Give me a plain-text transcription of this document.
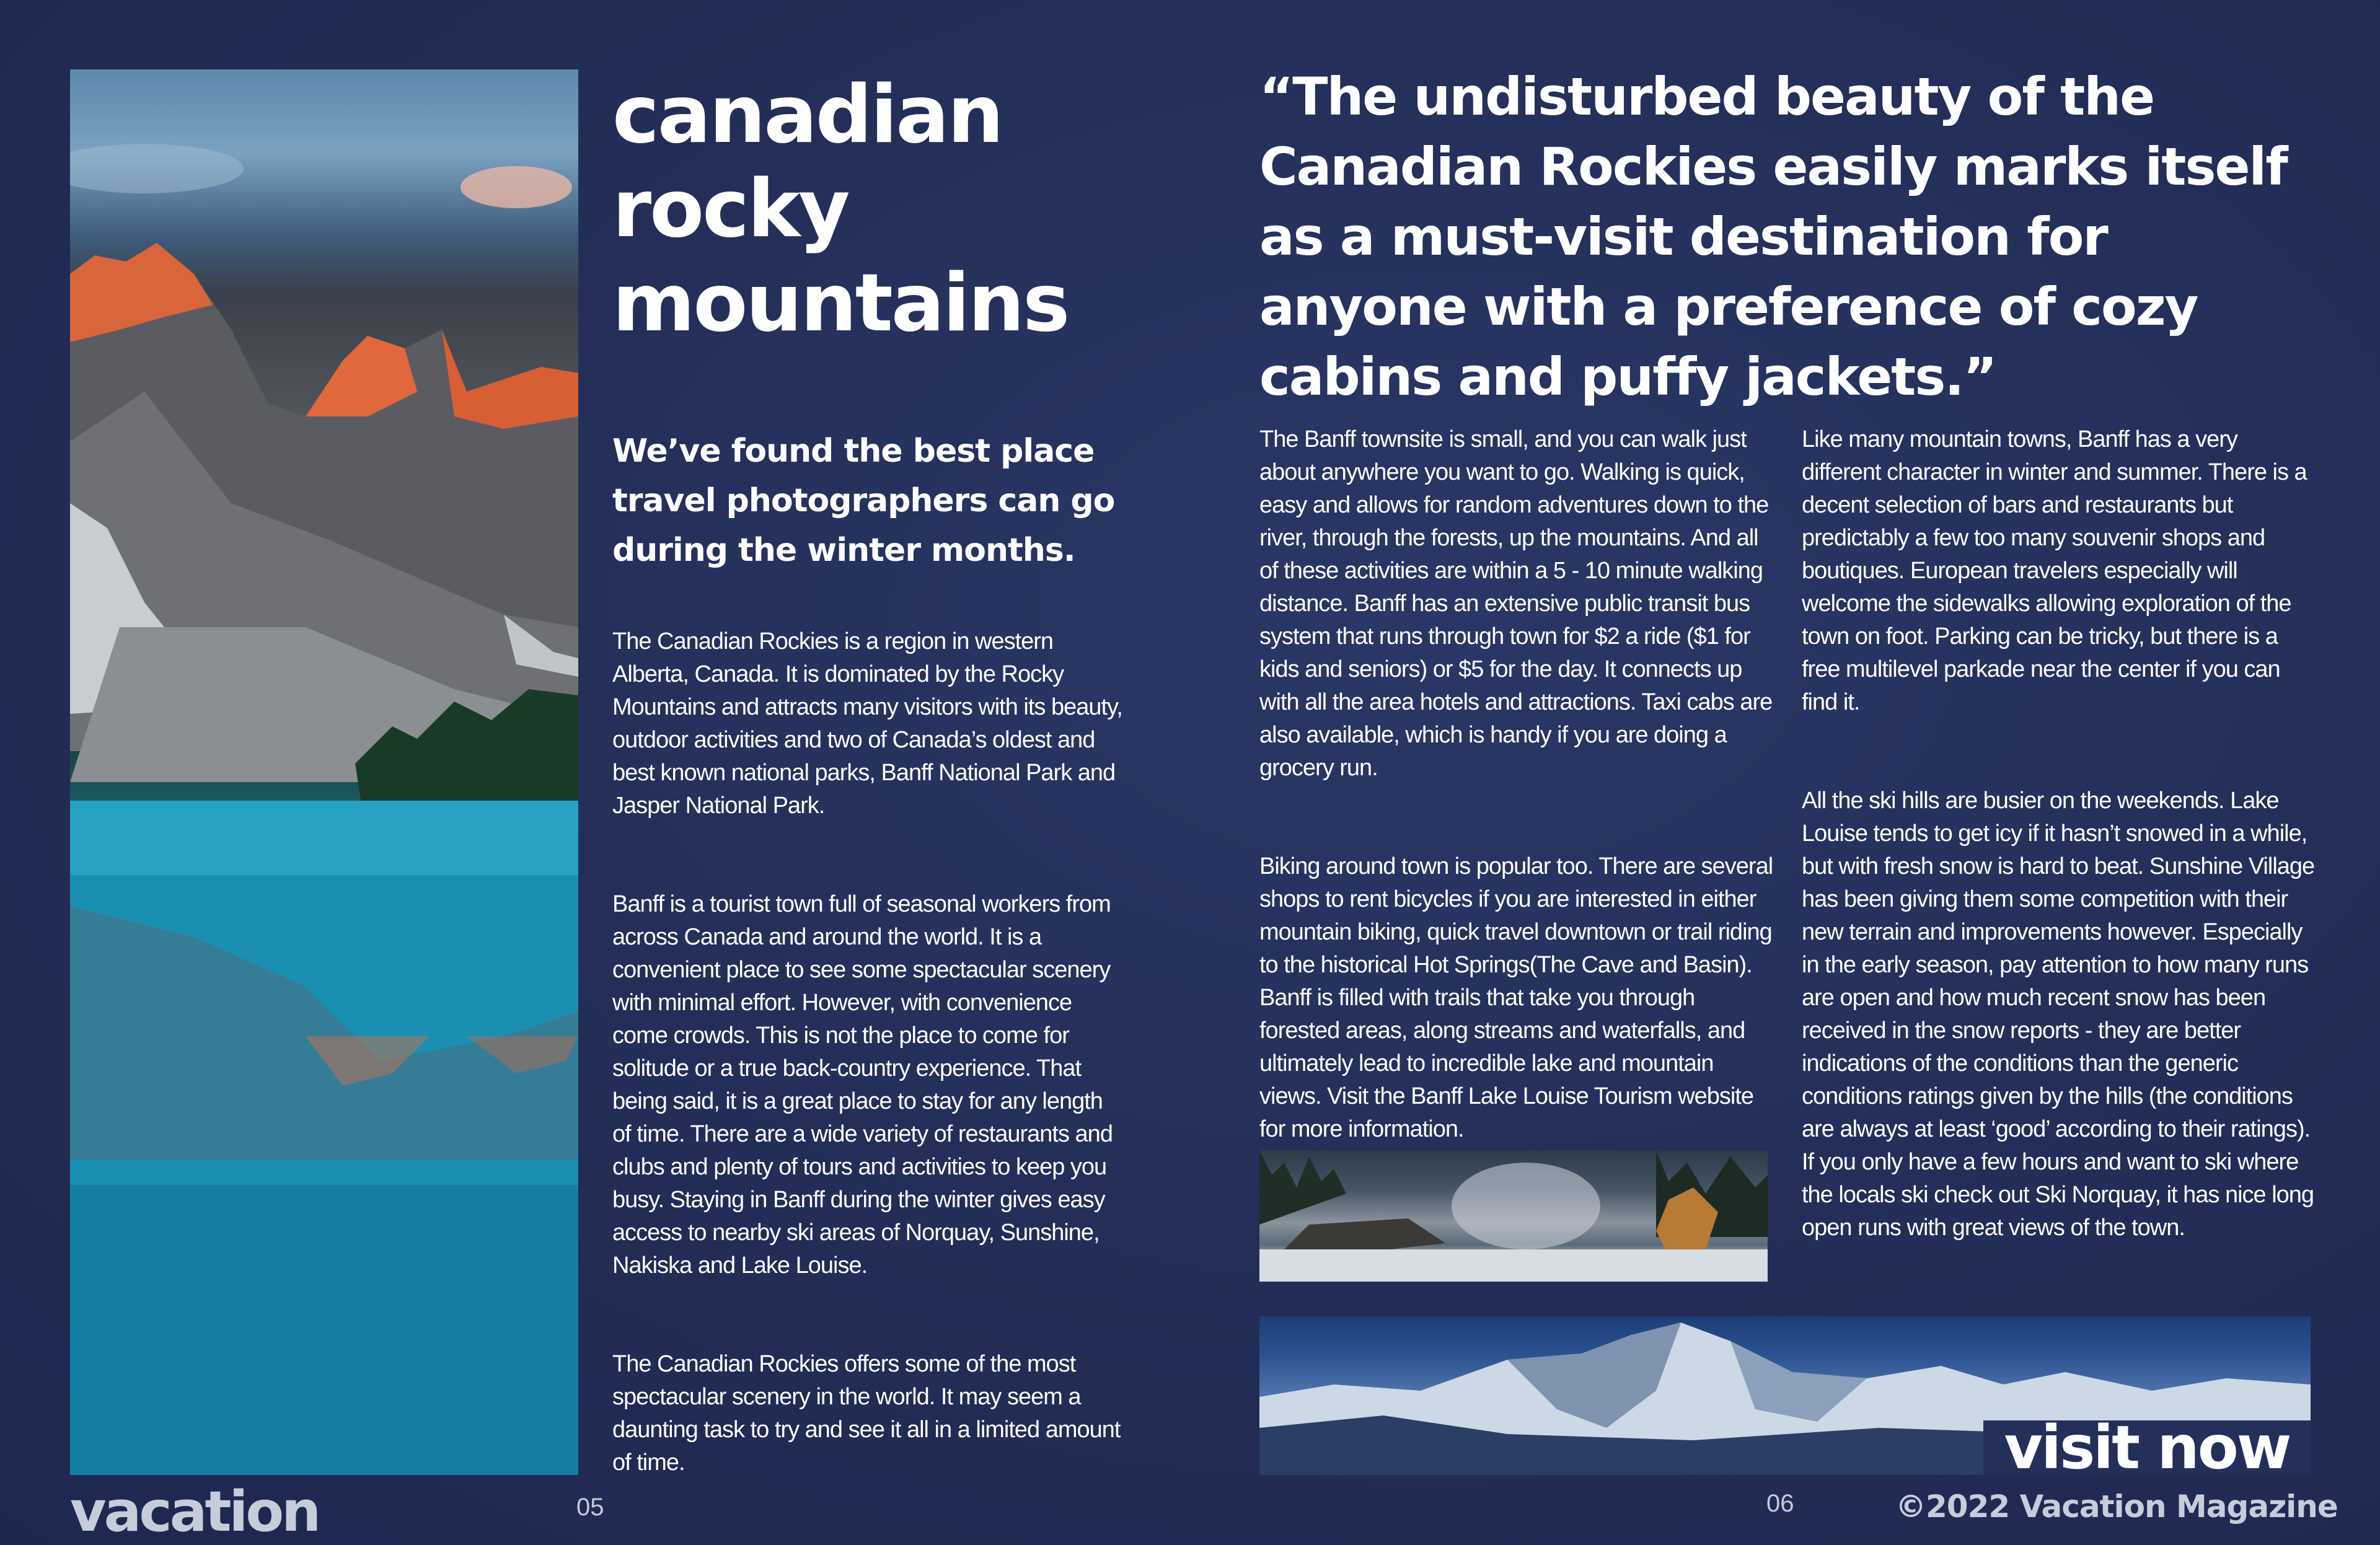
canadian
rocky
mountains
We’ve found the best place travel photographers can go during the winter months.

The Canadian Rockies is a region in western Alberta, Canada. It is dominated by the Rocky Mountains and attracts many visitors with its beauty, outdoor activities and two of Canada’s oldest and best known national parks, Banff National Park and Jasper National Park.

Banff is a tourist town full of seasonal workers from across Canada and around the world. It is a convenient place to see some spectacular scenery with minimal effort. However, with convenience come crowds. This is not the place to come for solitude or a true back-country experience. That being said, it is a great place to stay for any length of time. There are a wide variety of restaurants and clubs and plenty of tours and activities to keep you busy. Staying in Banff during the winter gives easy access to nearby ski areas of Norquay, Sunshine, Nakiska and Lake Louise.

The Canadian Rockies offers some of the most spectacular scenery in the world. It may seem a daunting task to try and see it all in a limited amount of time.

“The undisturbed beauty of the Canadian Rockies easily marks itself as a must-visit destination for anyone with a preference of cozy cabins and puffy jackets.”

The Banff townsite is small, and you can walk just about anywhere you want to go. Walking is quick, easy and allows for random adventures down to the river, through the forests, up the mountains. And all of these activities are within a 5 - 10 minute walking distance. Banff has an extensive public transit bus system that runs through town for $2 a ride ($1 for kids and seniors) or $5 for the day. It connects up with all the area hotels and attractions. Taxi cabs are also available, which is handy if you are doing a grocery run.

Biking around town is popular too. There are several shops to rent bicycles if you are interested in either mountain biking, quick travel downtown or trail riding to the historical Hot Springs(The Cave and Basin). Banff is filled with trails that take you through forested areas, along streams and waterfalls, and ultimately lead to incredible lake and mountain views. Visit the Banff Lake Louise Tourism website for more information.

Like many mountain towns, Banff has a very different character in winter and summer. There is a decent selection of bars and restaurants but predictably a few too many souvenir shops and boutiques. European travelers especially will welcome the sidewalks allowing exploration of the town on foot. Parking can be tricky, but there is a free multilevel parkade near the center if you can find it.

All the ski hills are busier on the weekends. Lake Louise tends to get icy if it hasn’t snowed in a while, but with fresh snow is hard to beat. Sunshine Village has been giving them some competition with their new terrain and improvements however. Especially in the early season, pay attention to how many runs are open and how much recent snow has been received in the snow reports - they are better indications of the conditions than the generic conditions ratings given by the hills (the conditions are always at least ‘good’ according to their ratings). If you only have a few hours and want to ski where the locals ski check out Ski Norquay, it has nice long open runs with great views of the town.

visit now
vacation	05	06	©2022 Vacation Magazine
